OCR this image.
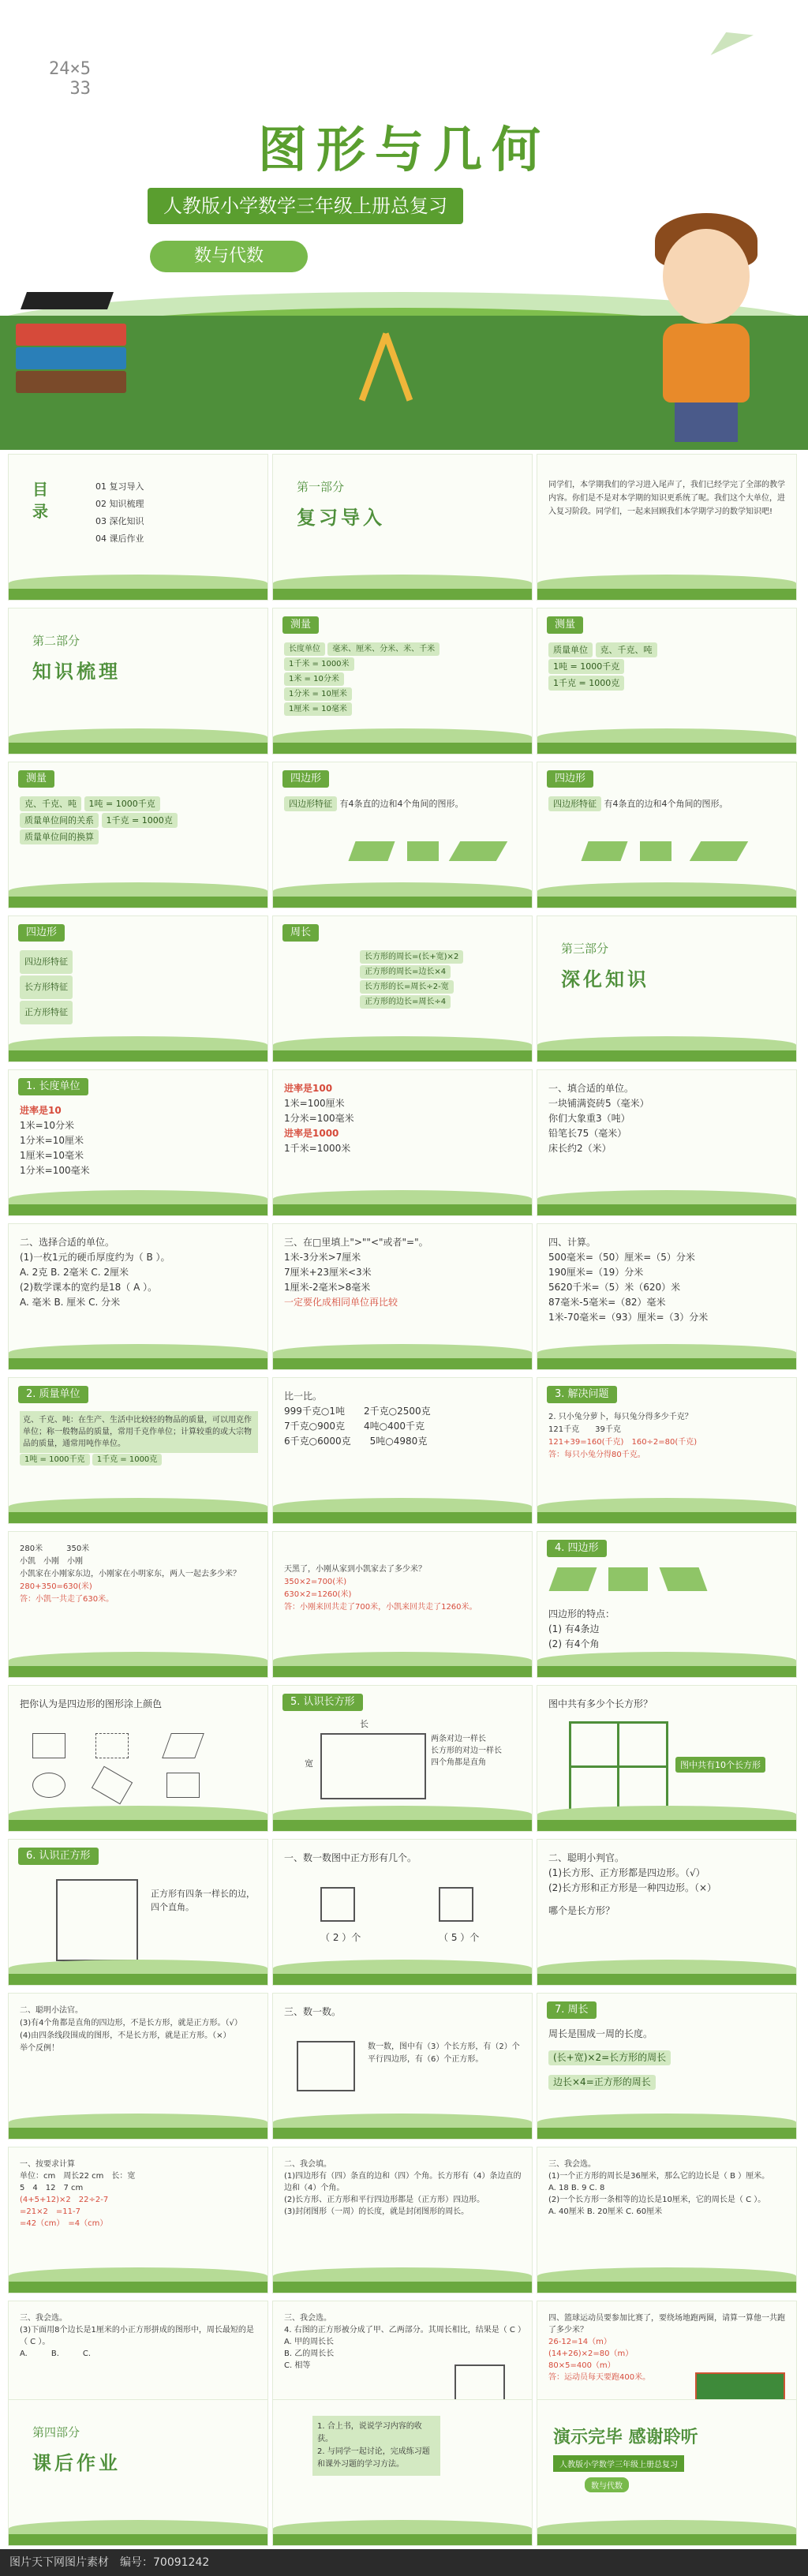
24×5
33
图形与几何
人教版小学数学三年级上册总复习
数与代数
目录
01 复习导入
02 知识梳理
03 深化知识
04 课后作业
第一部分
复习导入
同学们，本学期我们的学习进入尾声了，我们已经学完了全部的教学内容。你们是不是对本学期的知识更系统了呢。我们这个大单位，进入复习阶段。同学们，一起来回顾我们本学期学习的数学知识吧!
第二部分
知识梳理
测量
长度单位 毫米、厘米、分米、米、千米
1千米 = 1000米
1米 = 10分米
1分米 = 10厘米
1厘米 = 10毫米
测量
质量单位 克、千克、吨
1吨 = 1000千克
1千克 = 1000克
测量
克、千克、吨 1吨 = 1000千克
质量单位间的关系 1千克 = 1000克
质量单位间的换算
四边形
四边形特征 有4条直的边和4个角间的图形。
四边形
四边形特征 有4条直的边和4个角间的图形。
四边形
四边形特征
长方形特征
正方形特征
周长
长方形的周长=(长+宽)×2
正方形的周长=边长×4
长方形的长=周长÷2-宽
正方形的边长=周长÷4
第三部分
深化知识
1. 长度单位
进率是10
1米=10分米
1分米=10厘米
1厘米=10毫米
1分米=100毫米
进率是100
1米=100厘米
1分米=100毫米
进率是1000
1千米=1000米
一、填合适的单位。
一块铺满瓷砖5（毫米）
你们大象重3（吨）
铅笔长75（毫米）
床长约2（米）
二、选择合适的单位。
(1)一枚1元的硬币厚度约为（ B ）。
A. 2克 B. 2毫米 C. 2厘米
(2)数学课本的宽约是18（ A ）。
A. 毫米 B. 厘米 C. 分米
三、在□里填上">""<"或者"="。
1米-3分米>7厘米
7厘米+23厘米<3米
1厘米-2毫米>8毫米
一定要化成相同单位再比较
四、计算。
500毫米=（50）厘米=（5）分米
190厘米=（19）分米
5620千米=（5）米（620）米
87毫米-5毫米=（82）毫米
1米-70毫米=（93）厘米=（3）分米
2. 质量单位
克、千克、吨：在生产、生活中比较轻的物品的质量，可以用克作单位；称一般物品的质量，常用千克作单位；计算较重的或大宗物品的质量，通常用吨作单位。
1吨 = 1000千克 1千克 = 1000克
比一比。
999千克○1吨　　 2千克○2500克
7千克○900克　　 4吨○400千克
6千克○6000克　　 5吨○4980克
3. 解决问题
2. 只小兔分萝卜，每只兔分得多少千克？
121千克　　 39千克
121+39=160(千克)　 160÷2=80(千克)
答：每只小兔分得80千克。
280米　　　	350米
小凯　 小刚　 小刚
小凯家在小刚家东边，小刚家在小明家东，两人一起去多少米？
280+350=630(米)
答：小凯一共走了630米。
天黑了，小刚从家到小凯家去了多少米？
350×2=700(米)
630×2=1260(米)
答：小刚来回共走了700米，小凯来回共走了1260米。
4. 四边形
四边形的特点：
(1) 有4条边
(2) 有4个角
把你认为是四边形的图形涂上颜色	5. 认识长方形
两条对边一样长
长方形的对边一样长
四个角都是直角
长
宽
图中共有多少个长方形？
图中共有10个长方形
6. 认识正方形
正方形有四条一样长的边，四个直角。
一、数一数图中正方形有几个。
（ 2 ）个	（ 5 ）个
二、聪明小判官。
(1)长方形、正方形都是四边形。（√）
(2)长方形和正方形是一种四边形。（×）
哪个是长方形？
二、聪明小法官。
(3)有4个角都是直角的四边形，不是长方形，就是正方形。（√）
(4)由四条线段围成的图形，不是长方形，就是正方形。（×）
举个反例！
三、数一数。
数一数，图中有（3）个长方形，有（2）个平行四边形，有（6）个正方形。
7. 周长
周长是围成一周的长度。
(长+宽)×2=长方形的周长
边长×4=正方形的周长
一、按要求计算
单位：cm　 周长22 cm　 长：宽
5　 4　 12　 7 cm
(4+5+12)×2　 22÷2-7
=21×2　 =11-7
=42（cm）　 =4（cm）
二、我会填。
(1)四边形有（四）条直的边和（四）个角。长方形有（4）条边直的边和（4）个角。
(2)长方形、正方形和平行四边形都是（正方形）四边形。
(3)封闭图形（一周）的长度，就是封闭图形的周长。
三、我会选。
(1)一个正方形的周长是36厘米，那么它的边长是（ B ）厘米。
A. 18 B. 9 C. 8
(2)一个长方形一条相等的边长是10厘米，它的周长是（ C ）。
A. 40厘米 B. 20厘米 C. 60厘米
三、我会选。
(3)下面用8个边长是1厘米的小正方形拼成的图形中，周长最短的是（ C ）。
A.　　　	B.　　　	C.
三、我会选。
4. 右图的正方形被分成了甲、乙两部分。其周长相比，结果是（ C ）
A. 甲的周长长
B. 乙的周长长
C. 相等
四、篮球运动员要参加比赛了，要绕场地跑两圈，请算一算他一共跑了多少米？
26-12=14（m）
(14+26)×2=80（m）
80×5=400（m）
答：运动员每天要跑400米。
第四部分
课后作业
1. 合上书，说说学习内容的收获。
2. 与同学一起讨论，完成练习题和课外习题的学习方法。
演示完毕 感谢聆听
人教版小学数学三年级上册总复习
数与代数
图片天下网图片素材　编号：70091242
